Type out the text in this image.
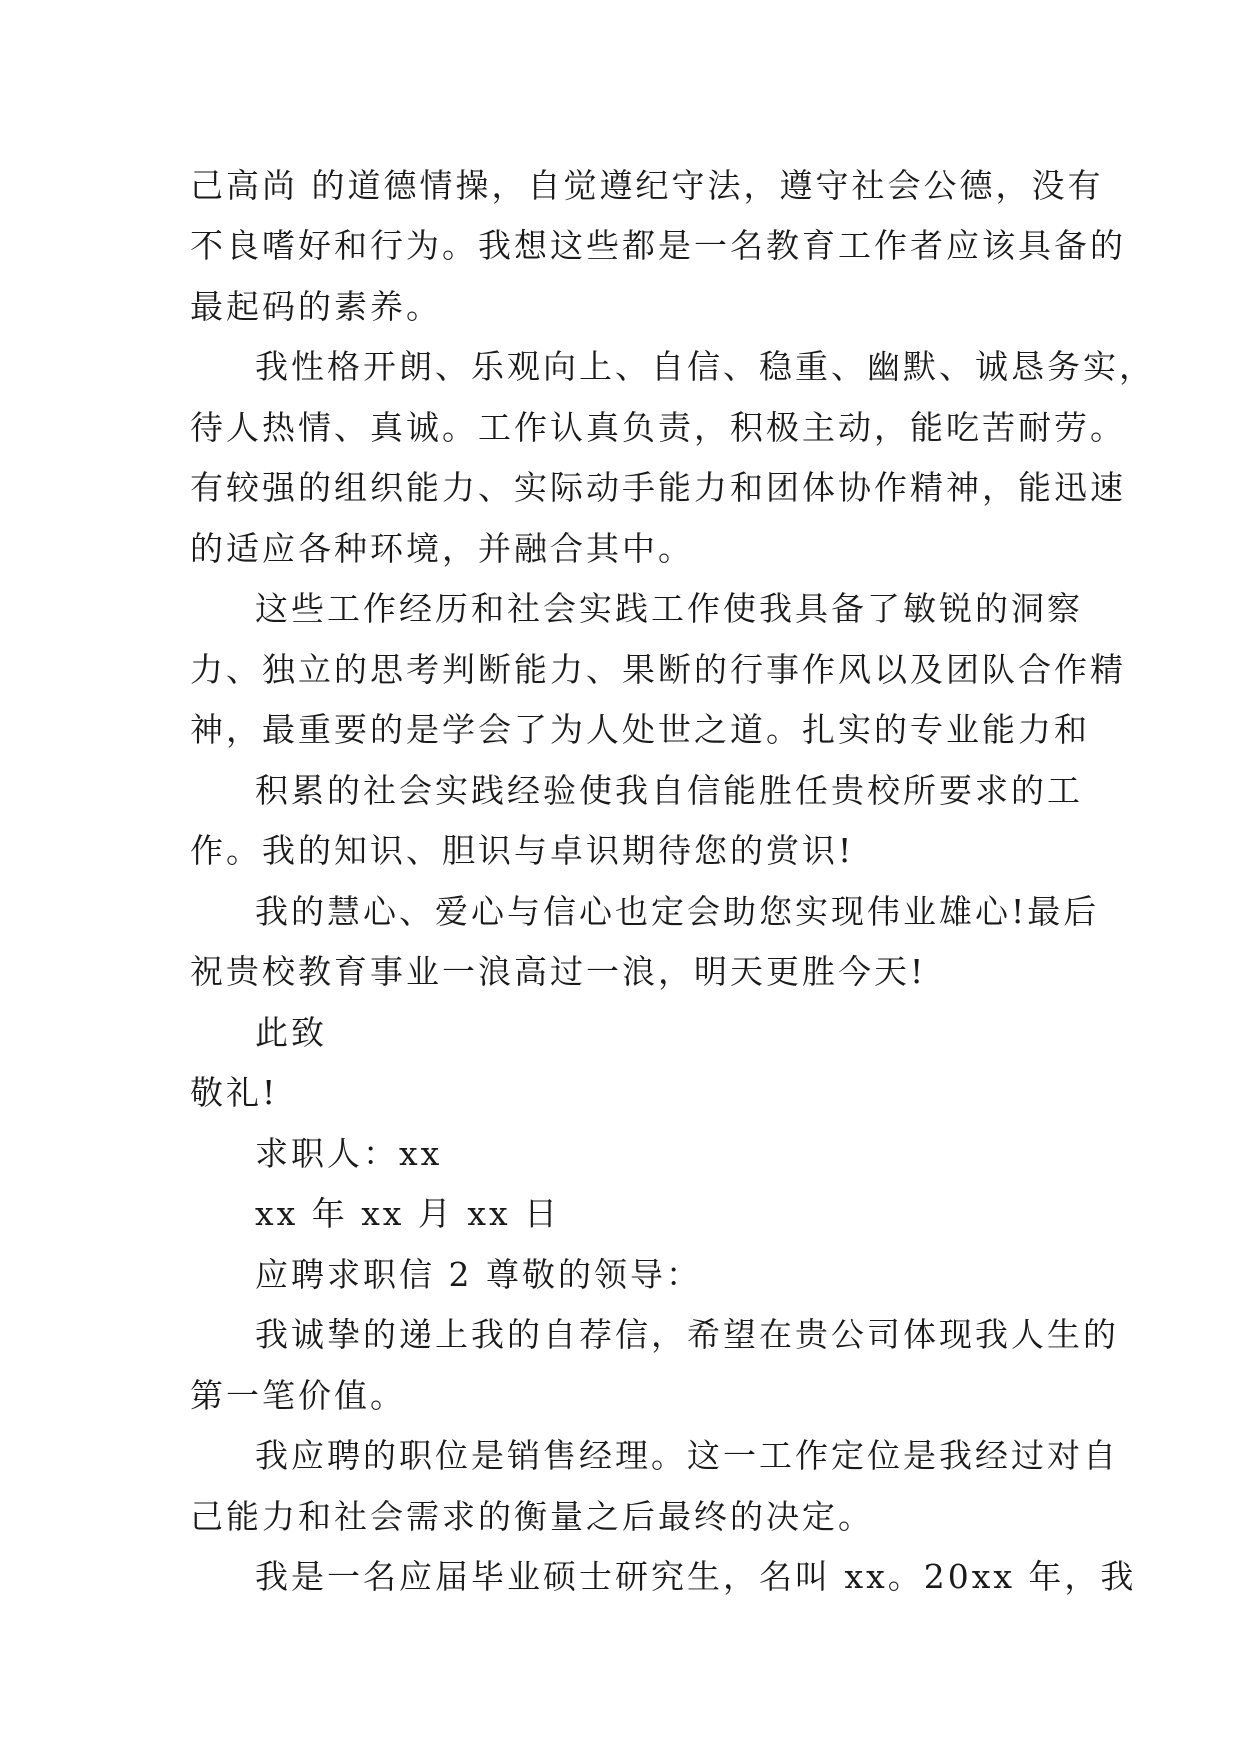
己高尚 的道德情操，自觉遵纪守法，遵守社会公德，没有
不良嗜好和行为。我想这些都是一名教育工作者应该具备的
最起码的素养。
我性格开朗、乐观向上、自信、稳重、幽默、诚恳务实，
待人热情、真诚。工作认真负责，积极主动，能吃苦耐劳。
有较强的组织能力、实际动手能力和团体协作精神，能迅速
的适应各种环境，并融合其中。
这些工作经历和社会实践工作使我具备了敏锐的洞察
力、独立的思考判断能力、果断的行事作风以及团队合作精
神，最重要的是学会了为人处世之道。扎实的专业能力和
积累的社会实践经验使我自信能胜任贵校所要求的工
作。我的知识、胆识与卓识期待您的赏识!
我的慧心、爱心与信心也定会助您实现伟业雄心!最后
祝贵校教育事业一浪高过一浪，明天更胜今天!
此致
敬礼!
求职人：xx
xx 年 xx 月 xx 日
应聘求职信 2 尊敬的领导：
我诚挚的递上我的自荐信，希望在贵公司体现我人生的
第一笔价值。
我应聘的职位是销售经理。这一工作定位是我经过对自
己能力和社会需求的衡量之后最终的决定。
我是一名应届毕业硕士研究生，名叫 xx。20xx 年，我
